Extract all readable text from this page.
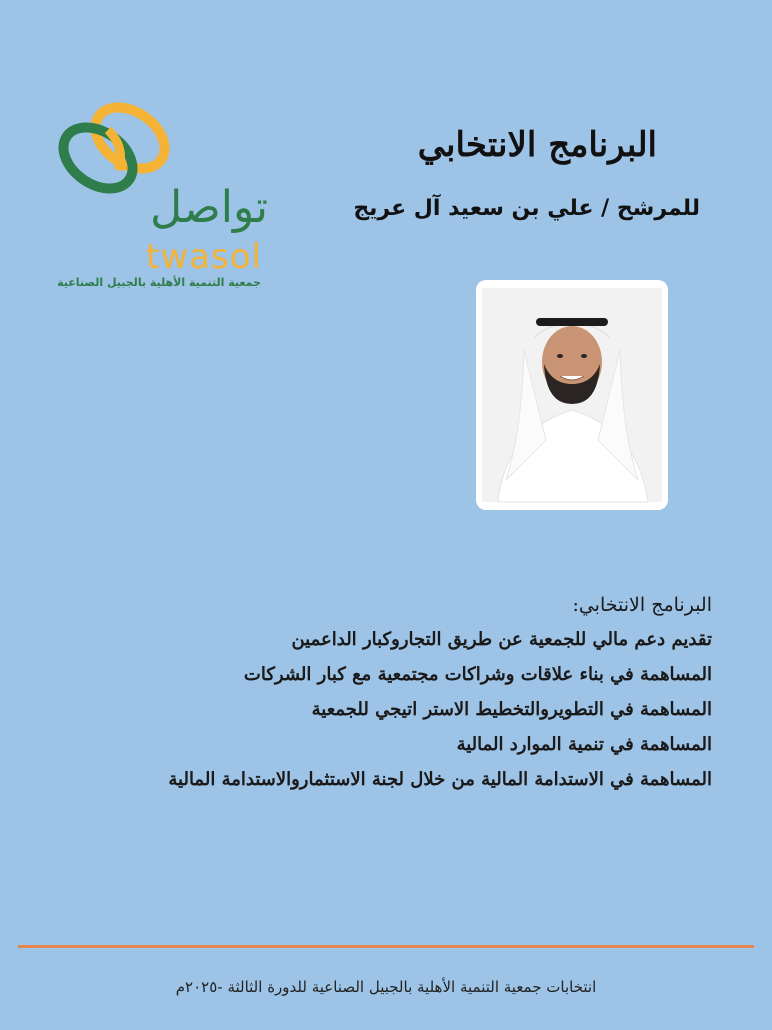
تواصل
twasol
جمعية التنمية الأهلية بالجبيل الصناعية
البرنامج الانتخابي
للمرشح / علي بن سعيد آل عريج
البرنامج الانتخابي:
تقديم دعم مالي للجمعية عن طريق التجاروكبار الداعمين
المساهمة في بناء علاقات وشراكات مجتمعية مع كبار الشركات
المساهمة في التطويروالتخطيط الاستر اتيجي للجمعية
المساهمة في تنمية الموارد المالية
المساهمة في الاستدامة المالية من خلال لجنة الاستثماروالاستدامة المالية
انتخابات جمعية التنمية الأهلية بالجبيل الصناعية للدورة الثالثة -٢٠٢٥م
